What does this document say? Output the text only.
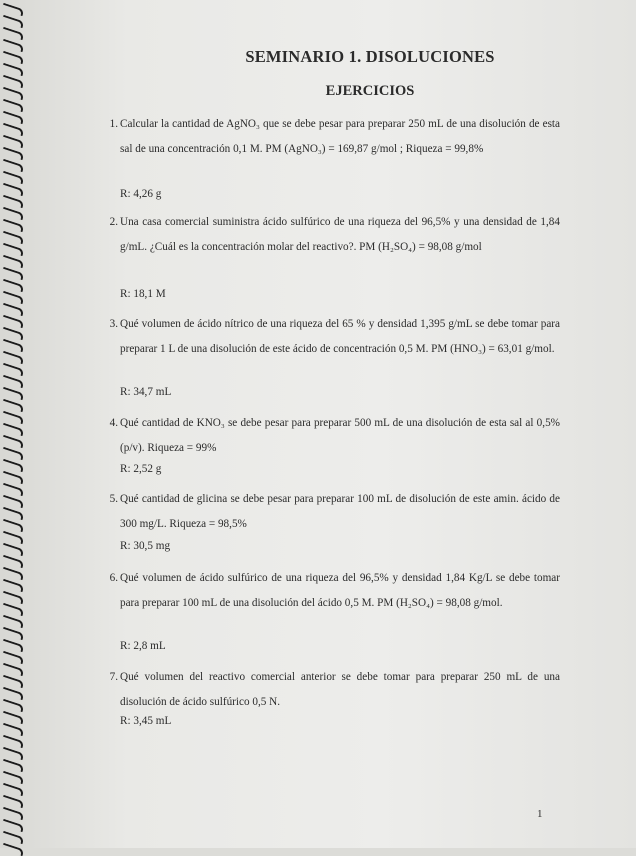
SEMINARIO 1. DISOLUCIONES
EJERCICIOS
1. Calcular la cantidad de AgNO₃ que se debe pesar para preparar 250 mL de una disolución de esta sal de una concentración 0,1 M. PM (AgNO₃) = 169,87 g/mol ; Riqueza = 99,8%
R: 4,26 g
2. Una casa comercial suministra ácido sulfúrico de una riqueza del 96,5% y una densidad de 1,84 g/mL. ¿Cuál es la concentración molar del reactivo?. PM (H₂SO₄) = 98,08 g/mol
R: 18,1 M
3. Qué volumen de ácido nítrico de una riqueza del 65 % y densidad 1,395 g/mL se debe tomar para preparar 1 L de una disolución de este ácido de concentración 0,5 M. PM (HNO₃) = 63,01 g/mol.
R: 34,7 mL
4. Qué cantidad de KNO₃ se debe pesar para preparar 500 mL de una disolución de esta sal al 0,5% (p/v). Riqueza = 99%
R: 2,52 g
5. Qué cantidad de glicina se debe pesar para preparar 100 mL de disolución de este amin. ácido de 300 mg/L. Riqueza = 98,5%
R: 30,5 mg
6. Qué volumen de ácido sulfúrico de una riqueza del 96,5% y densidad 1,84 Kg/L se debe tomar para preparar 100 mL de una disolución del ácido 0,5 M. PM (H₂SO₄) = 98,08 g/mol.
R: 2,8 mL
7. Qué volumen del reactivo comercial anterior se debe tomar para preparar 250 mL de una disolución de ácido sulfúrico 0,5 N.
R: 3,45 mL
1
